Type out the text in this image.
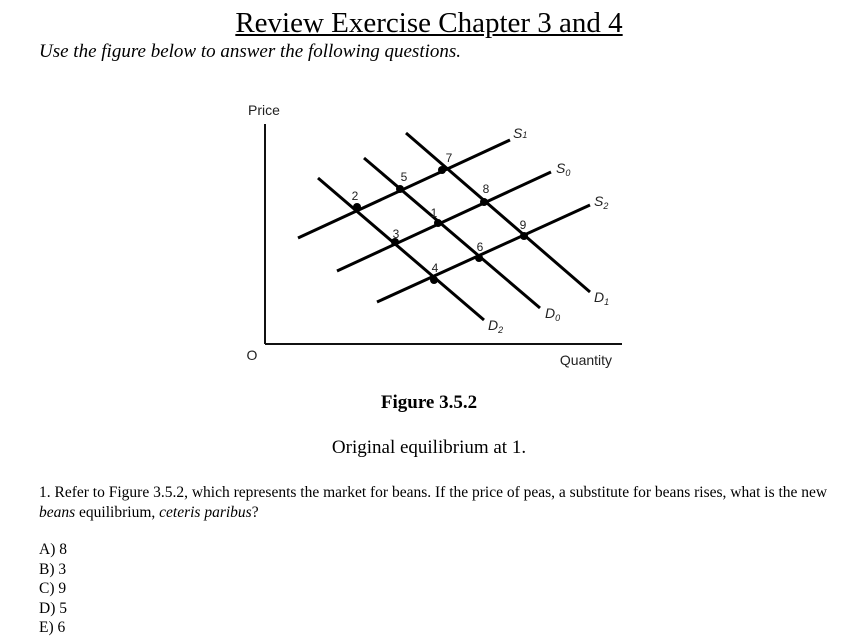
Review Exercise Chapter 3 and 4
Use the figure below to answer the following questions.
Price
Quantity
O
S1
$S_0$
$S_2$
$D_1$
$D_0$
$D_2$
1
2
3
4
5
6
7
8
9
Figure 3.5.2
Original equilibrium at 1.
1. Refer to Figure 3.5.2, which represents the market for beans. If the price of peas, a substitute for beans rises, what is the new beans equilibrium, ceteris paribus?
A) 8
B) 3
C) 9
D) 5
E) 6
